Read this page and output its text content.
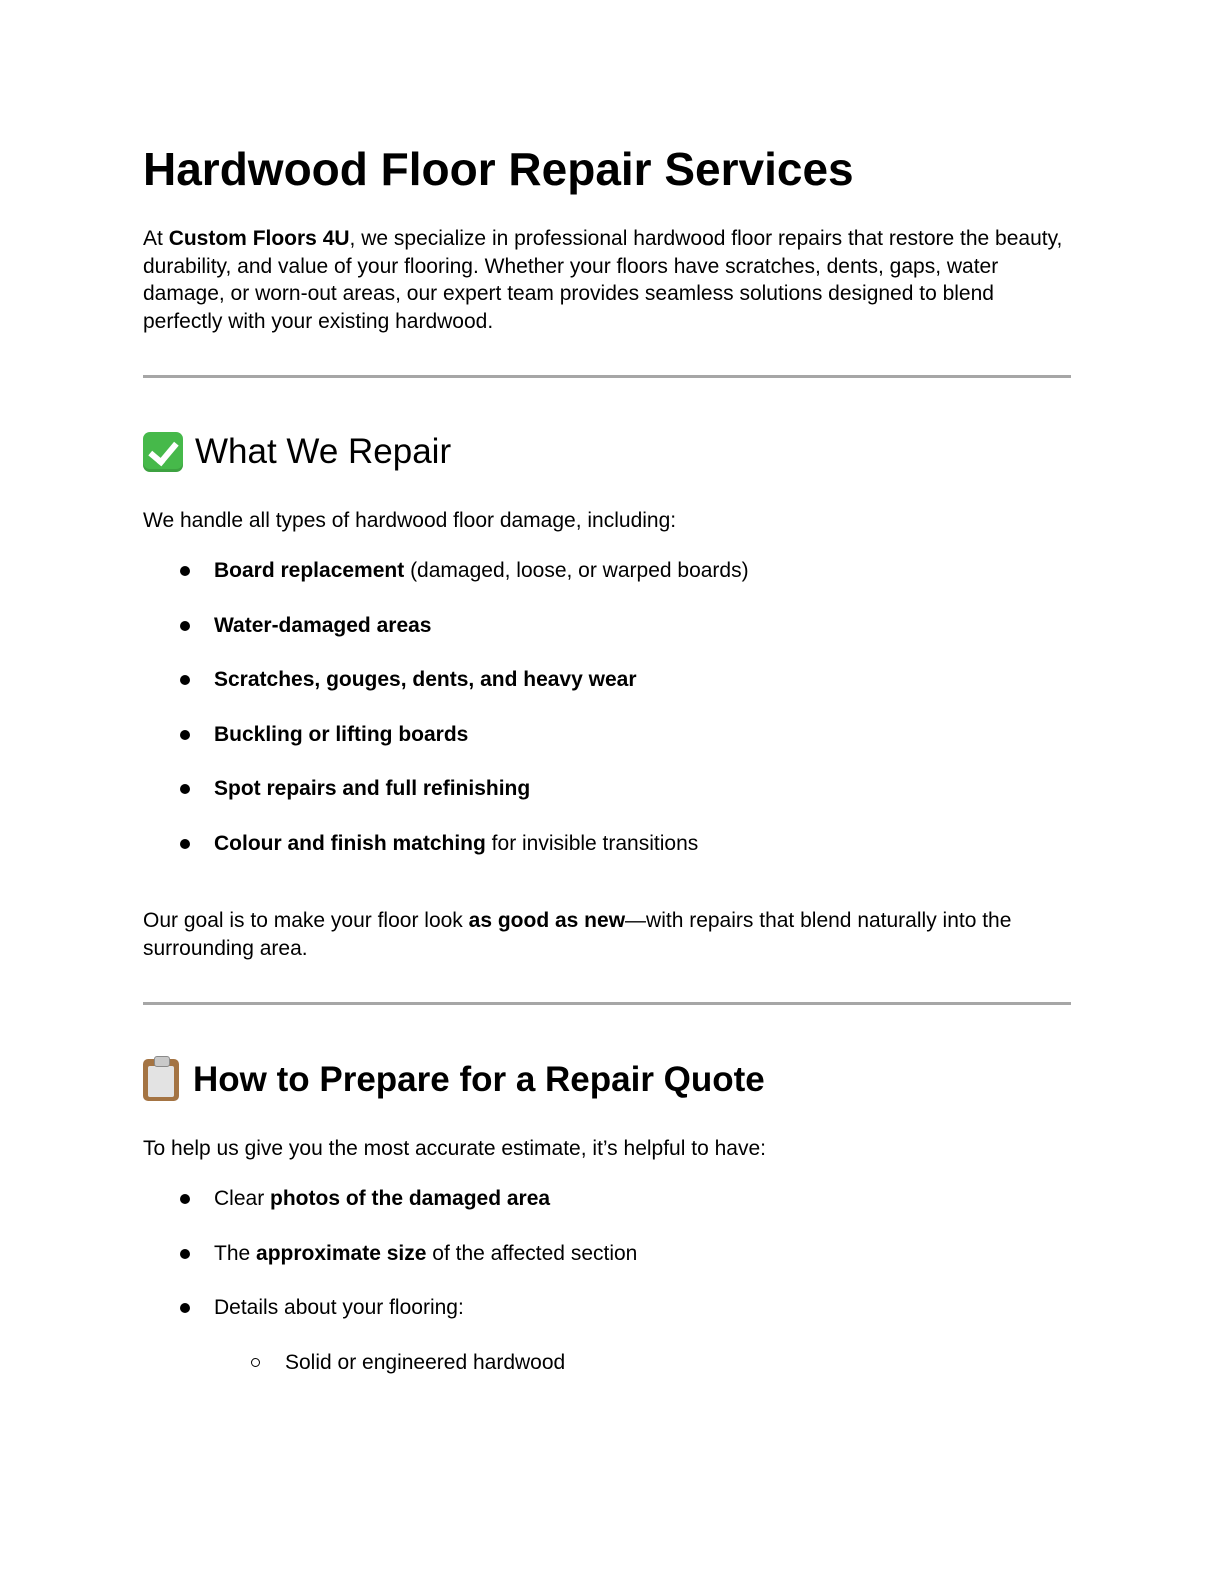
Hardwood Floor Repair Services

At Custom Floors 4U, we specialize in professional hardwood floor repairs that restore the beauty, durability, and value of your flooring. Whether your floors have scratches, dents, gaps, water damage, or worn-out areas, our expert team provides seamless solutions designed to blend perfectly with your existing hardwood.

What We Repair

We handle all types of hardwood floor damage, including:

Board replacement (damaged, loose, or warped boards)
Water-damaged areas
Scratches, gouges, dents, and heavy wear
Buckling or lifting boards
Spot repairs and full refinishing
Colour and finish matching for invisible transitions

Our goal is to make your floor look as good as new—with repairs that blend naturally into the surrounding area.

How to Prepare for a Repair Quote

To help us give you the most accurate estimate, it’s helpful to have:

Clear photos of the damaged area
The approximate size of the affected section
Details about your flooring:
Solid or engineered hardwood
